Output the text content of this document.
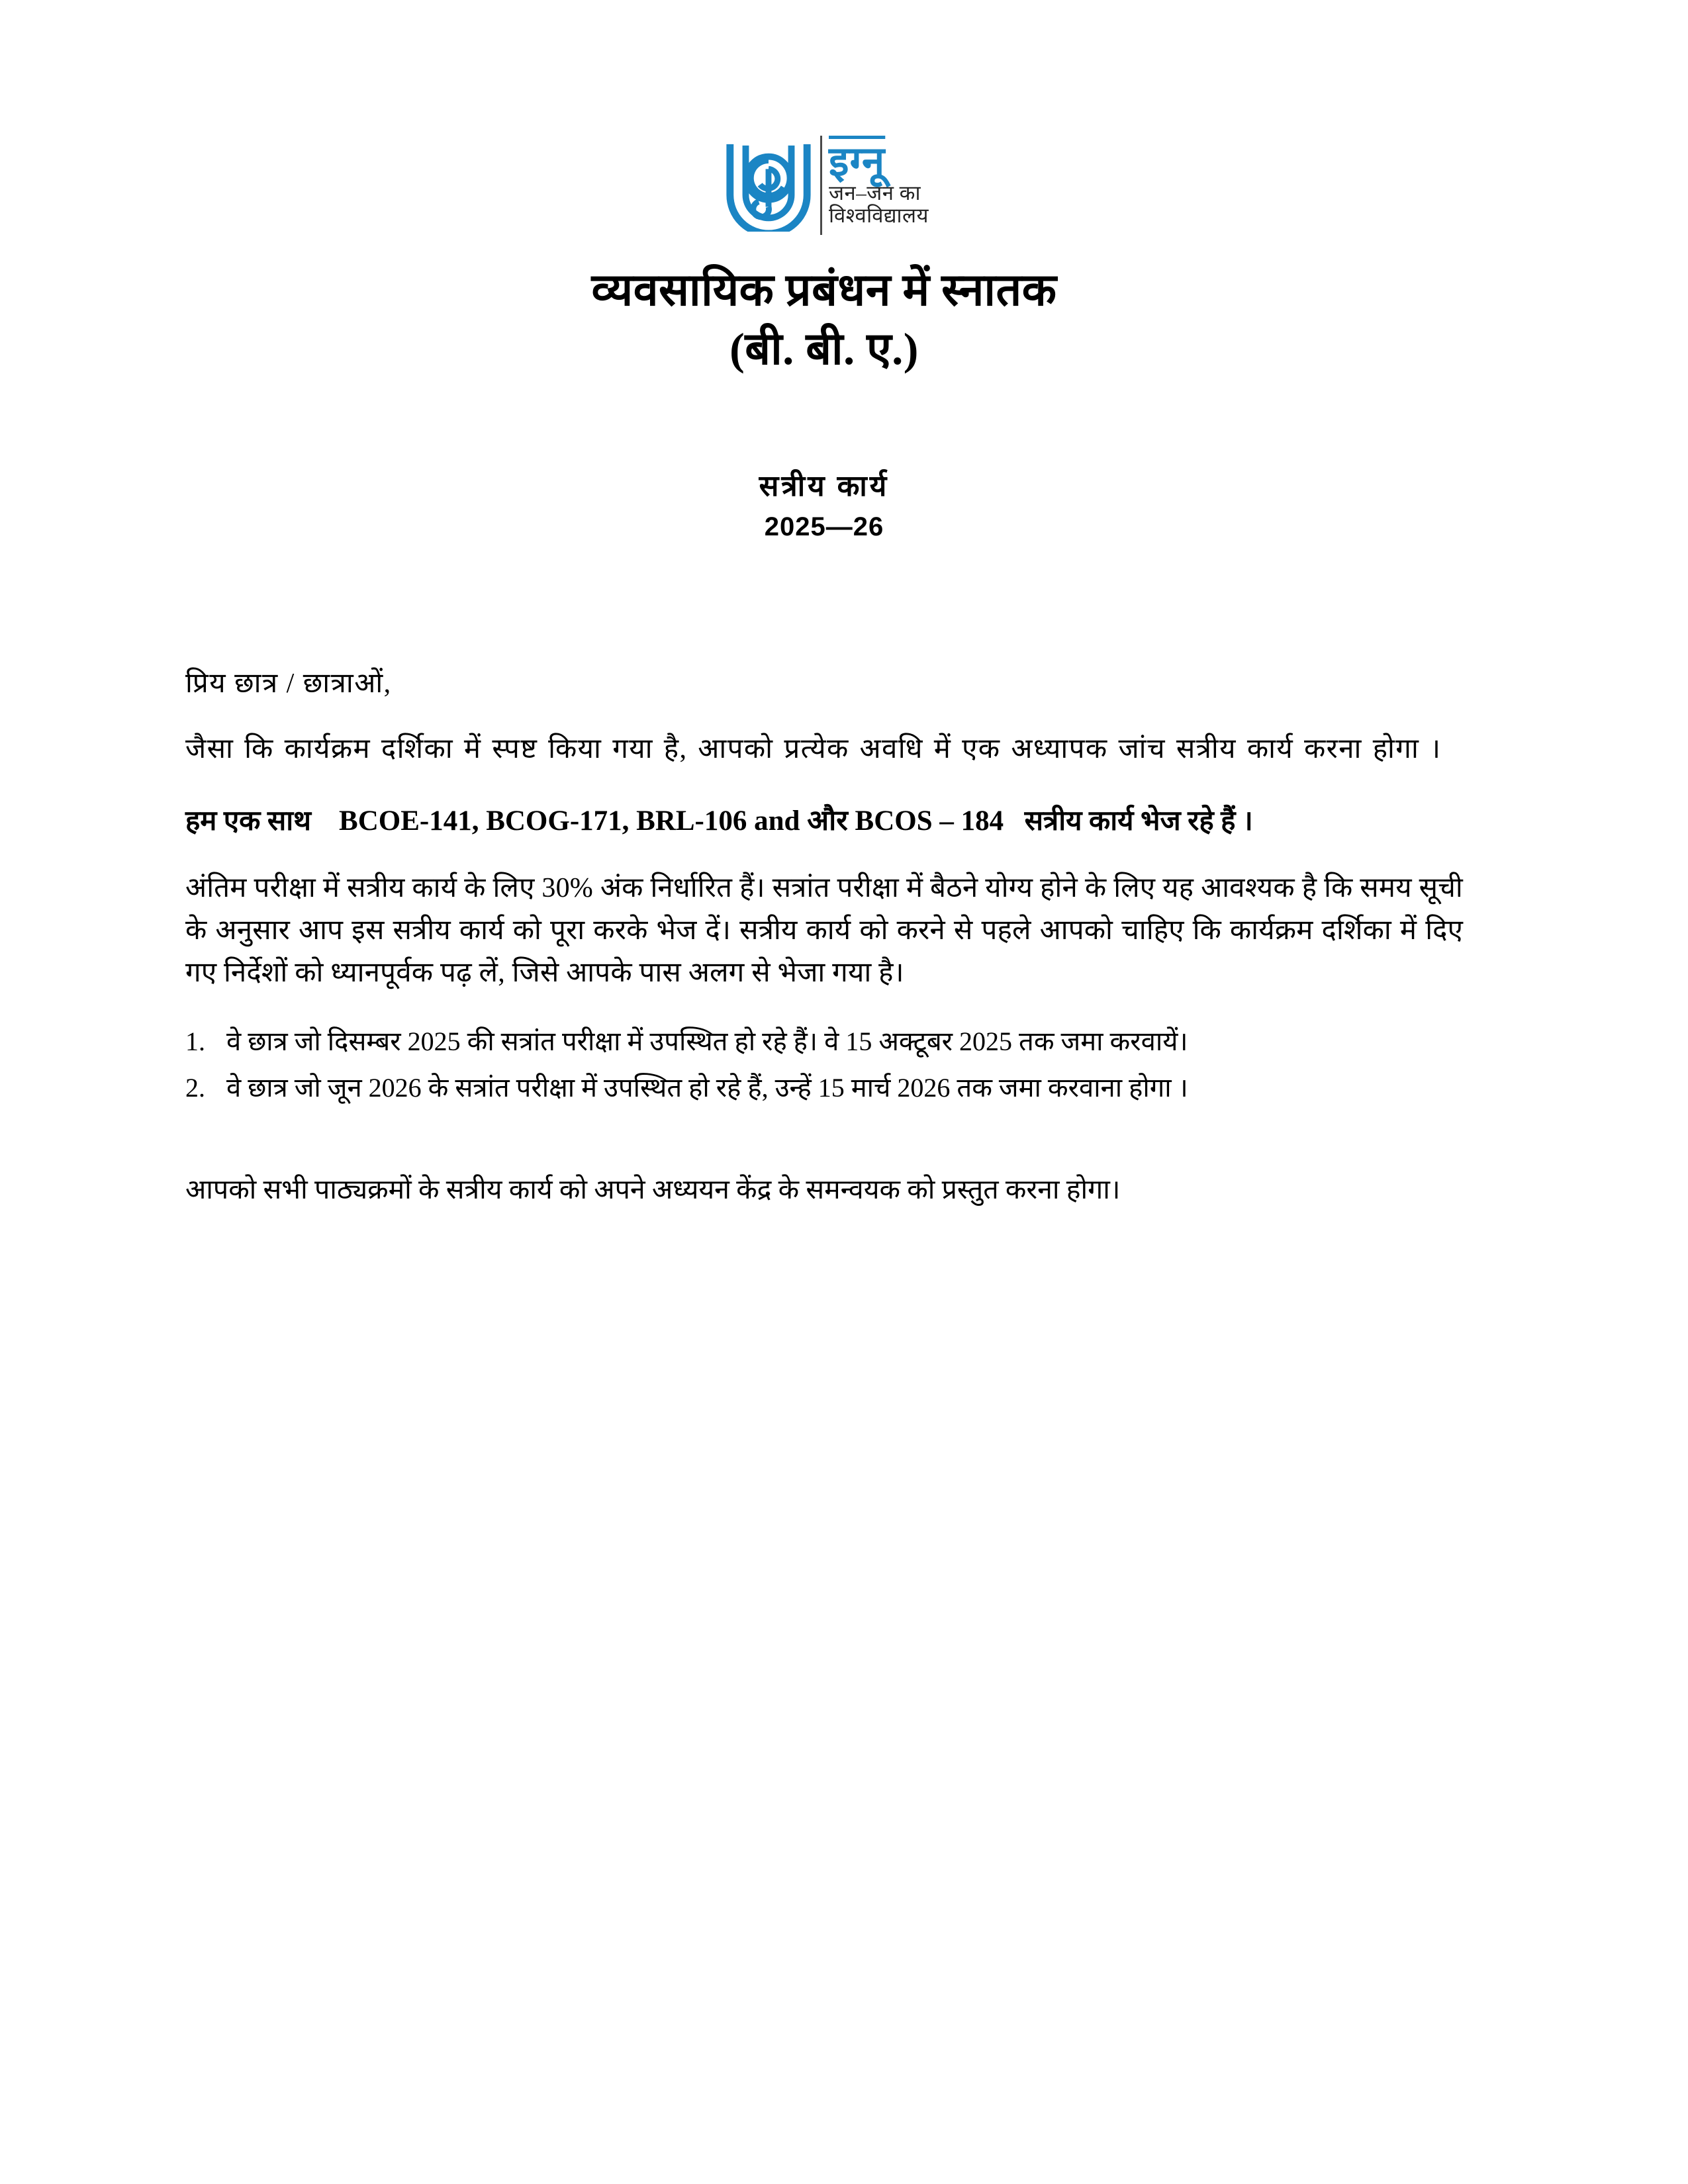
इग्नू
जन–जन का
विश्वविद्यालय
व्यवसायिक प्रबंधन में स्नातक
(बी. बी. ए.)
सत्रीय कार्य
2025—26
प्रिय छात्र / छात्राओं,

जैसा कि कार्यक्रम दर्शिका में स्पष्ट किया गया है, आपको प्रत्येक अवधि में एक अध्यापक जांच सत्रीय कार्य करना होगा ।

हम एक साथ BCOE-141, BCOG-171, BRL-106 and और BCOS – 184 सत्रीय कार्य भेज रहे हैं ।

अंतिम परीक्षा में सत्रीय कार्य के लिए 30% अंक निर्धारित हैं। सत्रांत परीक्षा में बैठने योग्य होने के लिए यह आवश्यक है कि समय सूची के अनुसार आप इस सत्रीय कार्य को पूरा करके भेज दें। सत्रीय कार्य को करने से पहले आपको चाहिए कि कार्यक्रम दर्शिका में दिए गए निर्देशों को ध्यानपूर्वक पढ़ लें, जिसे आपके पास अलग से भेजा गया है।

1. वे छात्र जो दिसम्बर 2025 की सत्रांत परीक्षा में उपस्थित हो रहे हैं। वे 15 अक्टूबर 2025 तक जमा करवायें।
2. वे छात्र जो जून 2026 के सत्रांत परीक्षा में उपस्थित हो रहे हैं, उन्हें 15 मार्च 2026 तक जमा करवाना होगा ।

आपको सभी पाठ्यक्रमों के सत्रीय कार्य को अपने अध्ययन केंद्र के समन्वयक को प्रस्तुत करना होगा।
